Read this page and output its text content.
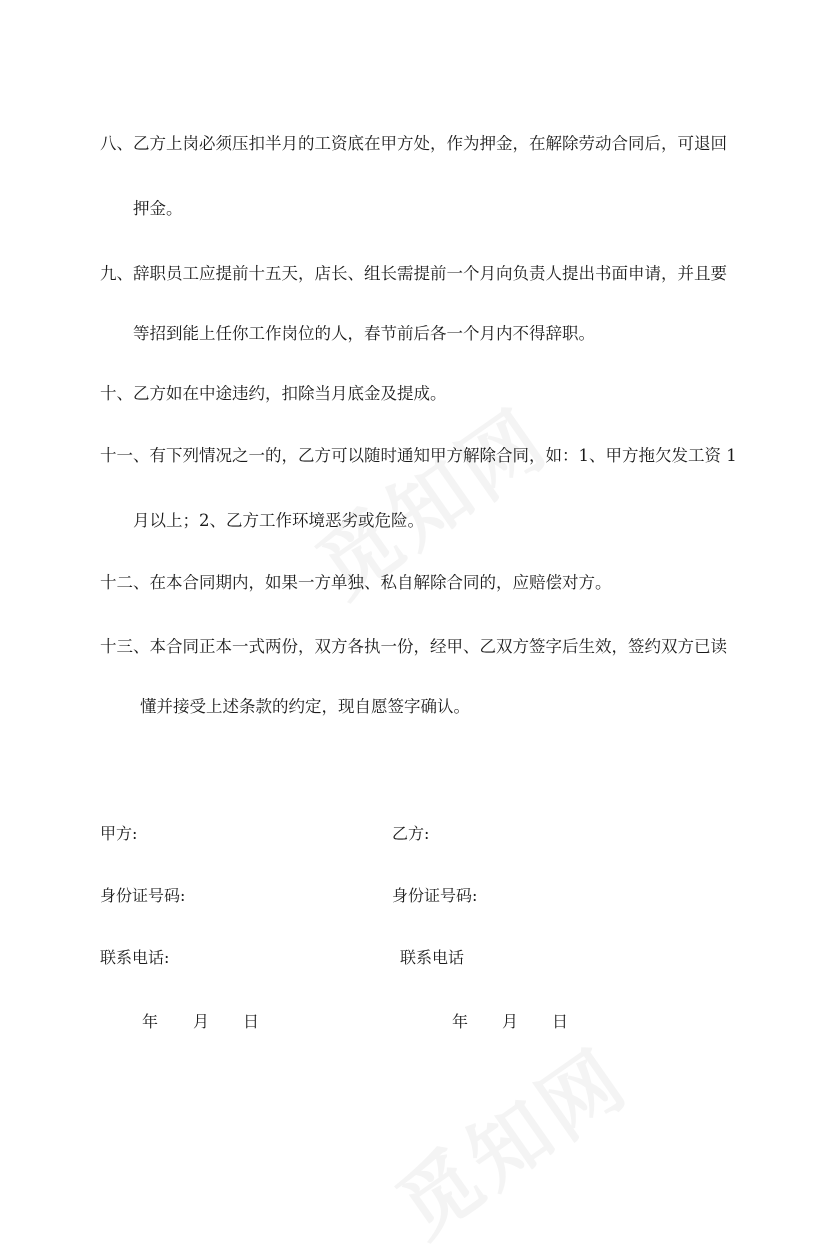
八、乙方上岗必须压扣半月的工资底在甲方处，作为押金，在解除劳动合同后，可退回
押金。
九、辞职员工应提前十五天，店长、组长需提前一个月向负责人提出书面申请，并且要
等招到能上任你工作岗位的人，春节前后各一个月内不得辞职。
十、乙方如在中途违约，扣除当月底金及提成。
十一、有下列情况之一的，乙方可以随时通知甲方解除合同，如：1、甲方拖欠发工资 1
月以上；2、乙方工作环境恶劣或危险。
十二、在本合同期内，如果一方单独、私自解除合同的，应赔偿对方。
十三、本合同正本一式两份，双方各执一份，经甲、乙双方签字后生效，签约双方已读
懂并接受上述条款的约定，现自愿签字确认。
甲方:
身份证号码:
联系电话:
年 月 日
乙方:
身份证号码:
联系电话
年 月 日
